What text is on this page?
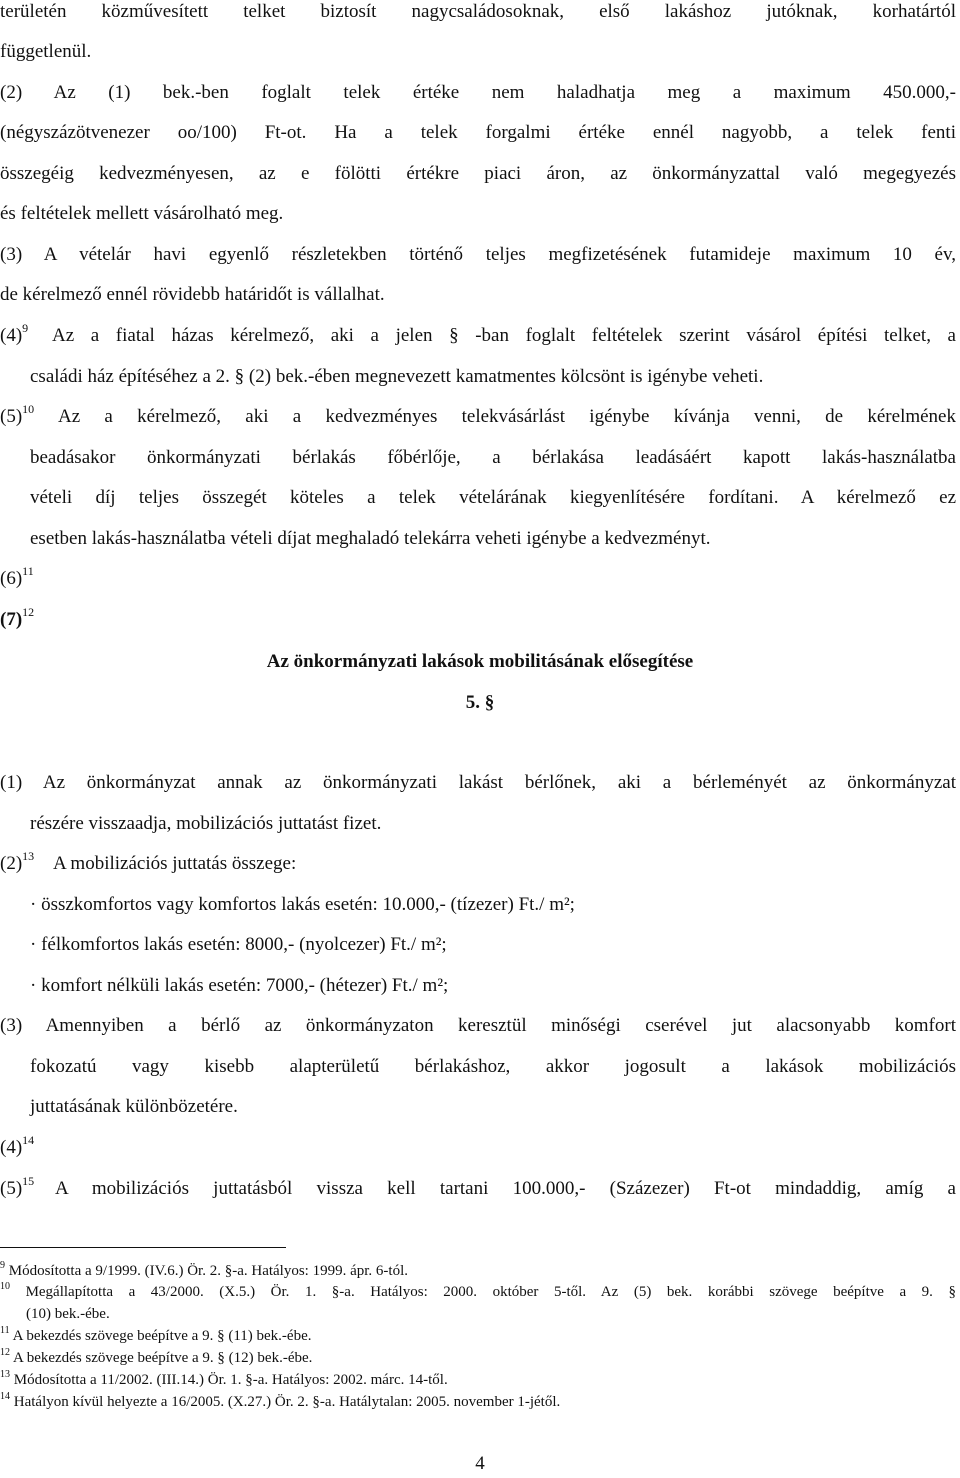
területén közművesített telket biztosít nagycsaládosoknak, első lakáshoz jutóknak, korhatártól
függetlenül.
(2) Az (1) bek.-ben foglalt telek értéke nem haladhatja meg a maximum 450.000,-
(négyszázötvenezer oo/100) Ft-ot. Ha a telek forgalmi értéke ennél nagyobb, a telek fenti
összegéig kedvezményesen, az e fölötti értékre piaci áron, az önkormányzattal való megegyezés
és feltételek mellett vásárolható meg.
(3) A vételár havi egyenlő részletekben történő teljes megfizetésének futamideje maximum 10 év,
de kérelmező ennél rövidebb határidőt is vállalhat.
$(4)^9$ Az a fiatal házas kérelmező, aki a jelen § -ban foglalt feltételek szerint vásárol építési telket, a
családi ház építéséhez a 2. § (2) bek.-ében megnevezett kamatmentes kölcsönt is igénybe veheti.
$(5)^{10}$ Az a kérelmező, aki a kedvezményes telekvásárlást igénybe kívánja venni, de kérelmének
beadásakor önkormányzati bérlakás főbérlője, a bérlakása leadásáért kapott lakás-használatba
vételi díj teljes összegét köteles a telek vételárának kiegyenlítésére fordítani. A kérelmező ez
esetben lakás-használatba vételi díjat meghaladó telekárra veheti igénybe a kedvezményt.
$(6)^{11}$
$(7)^{12}$
Az önkormányzati lakások mobilitásának elősegítése
5. §
(1) Az önkormányzat annak az önkormányzati lakást bérlőnek, aki a bérleményét az önkormányzat
részére visszaadja, mobilizációs juttatást fizet.
$(2)^{13}$ A mobilizációs juttatás összege:
· összkomfortos vagy komfortos lakás esetén: 10.000,- (tízezer) Ft./ m²;
· félkomfortos lakás esetén: 8000,- (nyolcezer) Ft./ m²;
· komfort nélküli lakás esetén: 7000,- (hétezer) Ft./ m²;
(3) Amennyiben a bérlő az önkormányzaton keresztül minőségi cserével jut alacsonyabb komfort
fokozatú vagy kisebb alapterületű bérlakáshoz, akkor jogosult a lakások mobilizációs
juttatásának különbözetére.
$(4)^{14}$
$(5)^{15}$ A mobilizációs juttatásból vissza kell tartani 100.000,- (Százezer) Ft-ot mindaddig, amíg a
$^9$ Módosította a 9/1999. (IV.6.) Ör. 2. §-a. Hatályos: 1999. ápr. 6-tól.
$^{10}$ Megállapította a 43/2000. (X.5.) Ör. 1. §-a. Hatályos: 2000. október 5-től. Az (5) bek. korábbi szövege beépítve a 9. §
(10) bek.-ébe.
$^{11}$ A bekezdés szövege beépítve a 9. § (11) bek.-ébe.
$^{12}$ A bekezdés szövege beépítve a 9. § (12) bek.-ébe.
$^{13}$ Módosította a 11/2002. (III.14.) Ör. 1. §-a. Hatályos: 2002. márc. 14-től.
$^{14}$ Hatályon kívül helyezte a 16/2005. (X.27.) Ör. 2. §-a. Hatálytalan: 2005. november 1-jétől.
4
